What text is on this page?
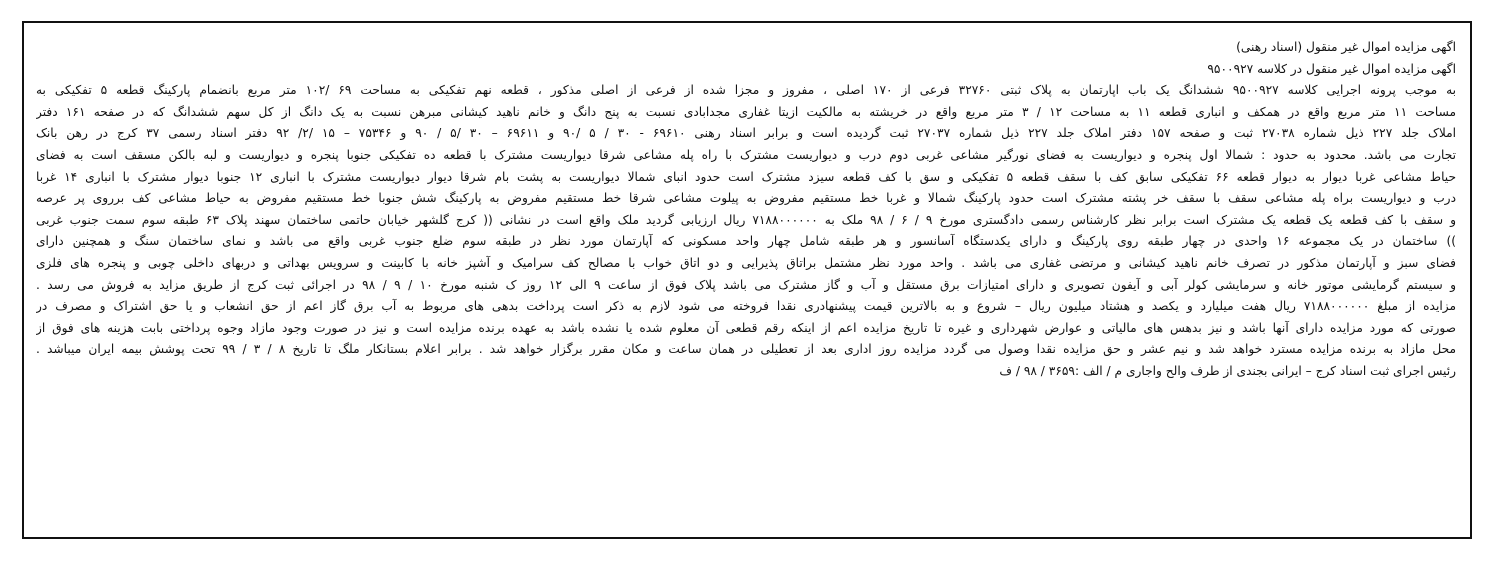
اگهی مزایده اموال غیر منقول (اسناد رهنی)
اگهی مزایده اموال غیر منقول در کلاسه ۹۵۰۰۹۲۷
به موجب پرونه اجرایی کلاسه ۹۵۰۰۹۲۷ ششدانگ یک باب اپارتمان به پلاک ثبتی ۳۲۷۶۰ فرعی از ۱۷۰ اصلی ، مفروز و مجزا شده از فرعی از اصلی مذکور ، قطعه نهم تفکیکی به مساحت ۶۹ /۱۰۲ متر مربع بانضمام پارکینگ قطعه ۵ تفکیکی به
مساحت ۱۱ متر مربع واقع در همکف و انباری قطعه ۱۱ به مساحت ۱۲ / ۳ متر مربع واقع در خریشته به مالکیت ازیتا غفاری مجدابادی نسبت به پنج دانگ و خانم ناهید کیشانی مبرهن نسبت به یک دانگ از کل سهم ششدانگ که در صفحه ۱۶۱ دفتر
املاک جلد ۲۲۷ ذیل شماره ۲۷۰۳۸ ثبت و صفحه ۱۵۷ دفتر املاک جلد ۲۲۷ ذیل شماره ۲۷۰۳۷ ثبت گردیده است و برابر اسناد رهنی ۶۹۶۱۰ - ۳۰ / ۵ /۹۰ و ۶۹۶۱۱ – ۳۰ /۵ / ۹۰ و ۷۵۳۴۶ – ۱۵ /۲/ ۹۲ دفتر اسناد رسمی ۳۷ کرج در رهن بانک
تجارت می باشد. محدود به حدود : شمالا اول پنجره و دیواریست به فضای نورگیر مشاعی غربی دوم درب و دیواریست مشترک با راه پله مشاعی شرقا دیواریست مشترک با قطعه ده تفکیکی جنوبا پنجره و دیواریست و لبه بالکن مسقف است به فضای
حیاط مشاعی غربا دیوار به دیوار قطعه ۶۶ تفکیکی سابق کف با سقف قطعه ۵ تفکیکی و سق با کف قطعه سیزد مشترک است حدود انبای شمالا دیواریست به پشت بام شرقا دیوار دیواریست مشترک با انباری ۱۲ جنوبا دیوار مشترک با انباری ۱۴ غربا
درب و دیواریست براه پله مشاعی سقف با سقف خر پشته مشترک است حدود پارکینگ شمالا و غربا خط مستقیم مفروض به پیلوت مشاعی شرقا خط مستقیم مفروض به پارکینگ شش جنوبا خط مستقیم مفروض به حیاط مشاعی کف برروی پر عرصه
و سقف با کف قطعه یک قطعه یک مشترک است برابر نظر کارشناس رسمی دادگستری مورخ ۹ / ۶ / ۹۸ ملک به ۷۱۸۸۰۰۰۰۰۰ ریال ارزیابی گردید ملک واقع است در نشانی (( کرج گلشهر خیابان حاتمی ساختمان سهند پلاک ۶۳ طبقه سوم سمت جنوب غربی
)) ساختمان در یک مجموعه ۱۶ واحدی در چهار طبقه روی پارکینگ و دارای یکدستگاه آسانسور و هر طبقه شامل چهار واحد مسکونی که آپارتمان مورد نظر در طبقه سوم ضلع جنوب غربی واقع می باشد و نمای ساختمان سنگ و همچنین دارای
فضای سبز و آپارتمان مذکور در تصرف خانم ناهید کیشانی و مرتضی غفاری می باشد . واحد مورد نظر مشتمل براتاق پذیرایی و دو اتاق خواب با مصالح کف سرامیک و آشپز خانه با کابینت و سرویس بهداتی و دربهای داخلی چوبی و پنجره های فلزی
و سیستم گرمایشی موتور خانه و سرمایشی کولر آبی و آیفون تصویری و دارای امتیازات برق مستقل و آب و گاز مشترک می باشد پلاک فوق از ساعت ۹ الی ۱۲ روز ک شنبه مورخ ۱۰ / ۹ / ۹۸ در اجرائی ثبت کرج از طریق مزاید به فروش می رسد .
مزایده از مبلغ ۷۱۸۸۰۰۰۰۰۰ ریال هفت میلیارد و یکصد و هشتاد میلیون ریال – شروع و به بالاترین قیمت پیشنهادری نقدا فروخته می شود لازم به ذکر است پرداخت بدهی های مربوط به آب برق گاز اعم از حق انشعاب و یا حق اشتراک و مصرف در
صورتی که مورد مزایده دارای آنها باشد و نیز بدهس های مالیاتی و عوارض شهرداری و غیره تا تاریخ مزایده اعم از اینکه رقم قطعی آن معلوم شده یا نشده باشد به عهده برنده مزایده است و نیز در صورت وجود مازاد وجوه پرداختی بابت هزینه های فوق از
محل مازاد به برنده مزایده مسترد خواهد شد و نیم عشر و حق مزایده نقدا وصول می گردد مزایده روز اداری بعد از تعطیلی در همان ساعت و مکان مقرر برگزار خواهد شد . برابر اعلام بستانکار ملگ تا تاریخ ۸ / ۳ / ۹۹ تحت پوشش بیمه ایران میباشد .
رئیس اجرای ثبت اسناد کرج – ایرانی بجندی از طرف والح واجاری م / الف :۳۶۵۹ / ۹۸ / ف
